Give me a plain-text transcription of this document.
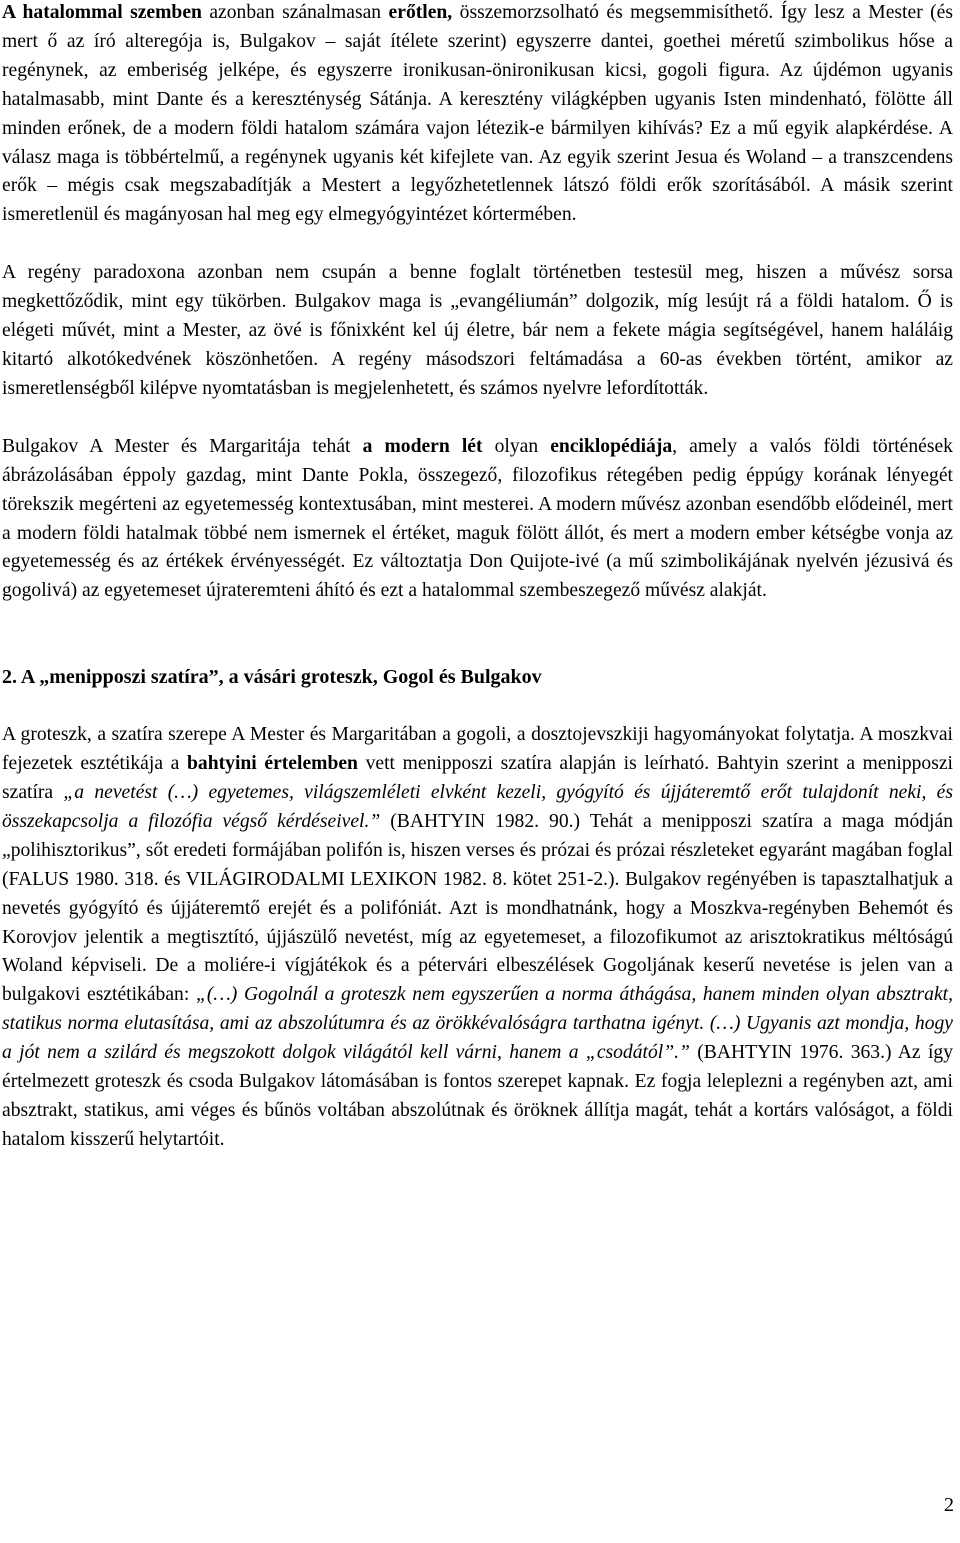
A hatalommal szemben azonban szánalmasan erőtlen, összemorzsolható és megsemmisíthető. Így lesz a Mester (és mert ő az író alteregója is, Bulgakov – saját ítélete szerint) egyszerre dantei, goethei méretű szimbolikus hőse a regénynek, az emberiség jelképe, és egyszerre ironikusan-önironikusan kicsi, gogoli figura. Az újdémon ugyanis hatalmasabb, mint Dante és a kereszténység Sátánja. A keresztény világképben ugyanis Isten mindenható, fölötte áll minden erőnek, de a modern földi hatalom számára vajon létezik-e bármilyen kihívás? Ez a mű egyik alapkérdése. A válasz maga is többértelmű, a regénynek ugyanis két kifejlete van. Az egyik szerint Jesua és Woland – a transzcendens erők – mégis csak megszabadítják a Mestert a legyőzhetetlennek látszó földi erők szorításából. A másik szerint ismeretlenül és magányosan hal meg egy elmegyógyintézet kórtermében.

A regény paradoxona azonban nem csupán a benne foglalt történetben testesül meg, hiszen a művész sorsa megkettőződik, mint egy tükörben. Bulgakov maga is „evangéliumán” dolgozik, míg lesújt rá a földi hatalom. Ő is elégeti művét, mint a Mester, az övé is főnixként kel új életre, bár nem a fekete mágia segítségével, hanem haláláig kitartó alkotókedvének köszönhetően. A regény másodszori feltámadása a 60-as években történt, amikor az ismeretlenségből kilépve nyomtatásban is megjelenhetett, és számos nyelvre lefordították.

Bulgakov A Mester és Margaritája tehát a modern lét olyan enciklopédiája, amely a valós földi történések ábrázolásában éppoly gazdag, mint Dante Pokla, összegező, filozofikus rétegében pedig éppúgy korának lényegét törekszik megérteni az egyetemesség kontextusában, mint mesterei. A modern művész azonban esendőbb elődeinél, mert a modern földi hatalmak többé nem ismernek el értéket, maguk fölött állót, és mert a modern ember kétségbe vonja az egyetemesség és az értékek érvényességét. Ez változtatja Don Quijote-ivé (a mű szimbolikájának nyelvén jézusivá és gogolivá) az egyetemeset újrateremteni áhító és ezt a hatalommal szembeszegező művész alakját.

2. A „menipposzi szatíra”, a vásári groteszk, Gogol és Bulgakov

A groteszk, a szatíra szerepe A Mester és Margaritában a gogoli, a dosztojevszkiji hagyományokat folytatja. A moszkvai fejezetek esztétikája a bahtyini értelemben vett menipposzi szatíra alapján is leírható. Bahtyin szerint a menipposzi szatíra „a nevetést (…) egyetemes, világszemléleti elvként kezeli, gyógyító és újjáteremtő erőt tulajdonít neki, és összekapcsolja a filozófia végső kérdéseivel.” (BAHTYIN 1982. 90.) Tehát a menipposzi szatíra a maga módján „polihisztorikus”, sőt eredeti formájában polifón is, hiszen verses és prózai és prózai részleteket egyaránt magában foglal (FALUS 1980. 318. és VILÁGIRODALMI LEXIKON 1982. 8. kötet 251-2.). Bulgakov regényében is tapasztalhatjuk a nevetés gyógyító és újjáteremtő erejét és a polifóniát. Azt is mondhatnánk, hogy a Moszkva-regényben Behemót és Korovjov jelentik a megtisztító, újjászülő nevetést, míg az egyetemeset, a filozofikumot az arisztokratikus méltóságú Woland képviseli. De a moliére-i vígjátékok és a pétervári elbeszélések Gogoljának keserű nevetése is jelen van a bulgakovi esztétikában: „(…) Gogolnál a groteszk nem egyszerűen a norma áthágása, hanem minden olyan absztrakt, statikus norma elutasítása, ami az abszolútumra és az örökkévalóságra tarthatna igényt. (…) Ugyanis azt mondja, hogy a jót nem a szilárd és megszokott dolgok világától kell várni, hanem a „csodától”.” (BAHTYIN 1976. 363.) Az így értelmezett groteszk és csoda Bulgakov látomásában is fontos szerepet kapnak. Ez fogja leleplezni a regényben azt, ami absztrakt, statikus, ami véges és bűnös voltában abszolútnak és öröknek állítja magát, tehát a kortárs valóságot, a földi hatalom kisszerű helytartóit.

2
